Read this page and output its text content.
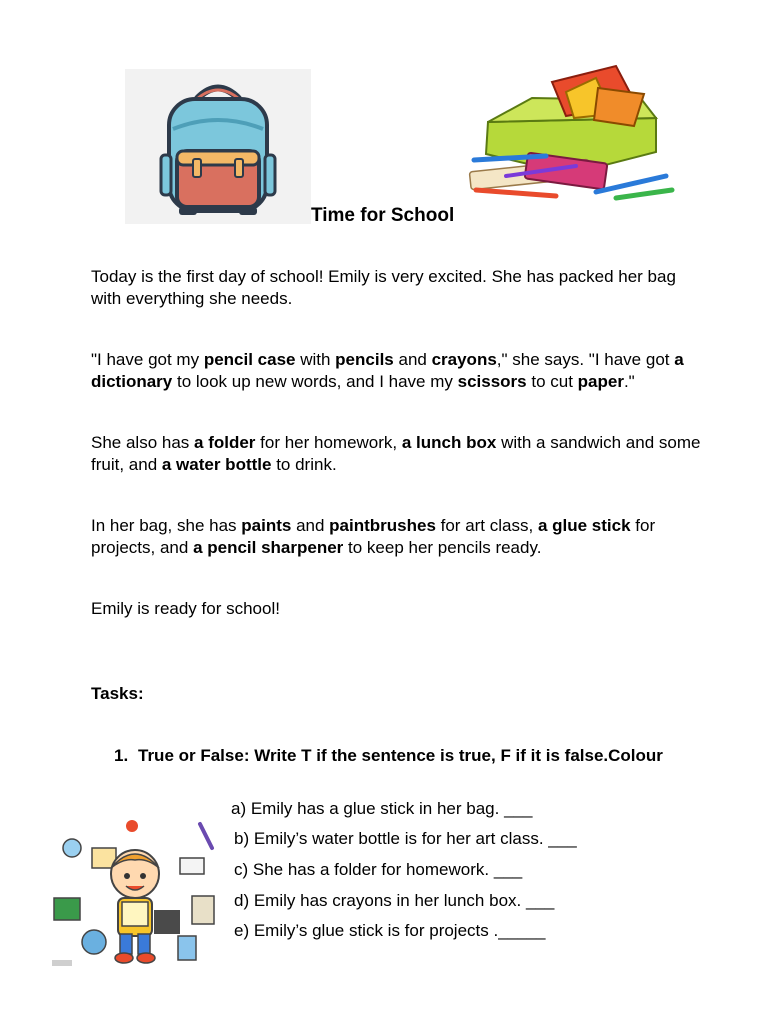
Time for School

Today is the first day of school! Emily is very excited. She has packed her bag with everything she needs.

"I have got my pencil case with pencils and crayons," she says. "I have got a dictionary to look up new words, and I have my scissors to cut paper."

She also has a folder for her homework, a lunch box with a sandwich and some fruit, and a water bottle to drink.

In her bag, she has paints and paintbrushes for art class, a glue stick for projects, and a pencil sharpener to keep her pencils ready.

Emily is ready for school!

Tasks:
1. True or False: Write T if the sentence is true, F if it is false.Colour
a) Emily has a glue stick in her bag. ___
b) Emily’s water bottle is for her art class. ___
c) She has a folder for homework. ___
d) Emily has crayons in her lunch box. ___
e) Emily’s glue stick is for projects ._____
